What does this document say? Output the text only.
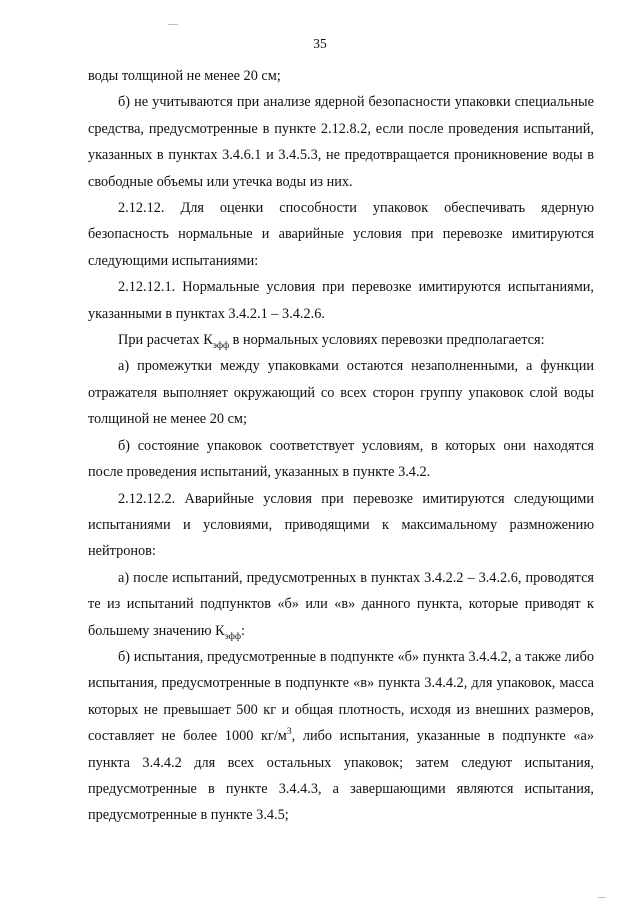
35

воды толщиной не менее 20 см;

б) не учитываются при анализе ядерной безопасности упаковки специальные средства, предусмотренные в пункте 2.12.8.2, если после проведения испытаний, указанных в пунктах 3.4.6.1 и 3.4.5.3, не предотвращается проникновение воды в свободные объемы или утечка воды из них.

2.12.12. Для оценки способности упаковок обеспечивать ядерную безопасность нормальные и аварийные условия при перевозке имитируются следующими испытаниями:

2.12.12.1. Нормальные условия при перевозке имитируются испытаниями, указанными в пунктах 3.4.2.1 – 3.4.2.6.

При расчетах $К_{эфф}$ в нормальных условиях перевозки предполагается:

а) промежутки между упаковками остаются незаполненными, а функции отражателя выполняет окружающий со всех сторон группу упаковок слой воды толщиной не менее 20 см;

б) состояние упаковок соответствует условиям, в которых они находятся после проведения испытаний, указанных в пункте 3.4.2.

2.12.12.2. Аварийные условия при перевозке имитируются следующими испытаниями и условиями, приводящими к максимальному размножению нейтронов:

а) после испытаний, предусмотренных в пунктах 3.4.2.2 – 3.4.2.6, проводятся те из испытаний подпунктов «б» или «в» данного пункта, которые приводят к большему значению $К_{эфф}$:

б) испытания, предусмотренные в подпункте «б» пункта 3.4.4.2, а также либо испытания, предусмотренные в подпункте «в» пункта 3.4.4.2, для упаковок, масса которых не превышает 500 кг и общая плотность, исходя из внешних размеров, составляет не более 1000 $кг/м^3$, либо испытания, указанные в подпункте «а» пункта 3.4.4.2 для всех остальных упаковок; затем следуют испытания, предусмотренные в пункте 3.4.4.3, а завершающими являются испытания, предусмотренные в пункте 3.4.5;
